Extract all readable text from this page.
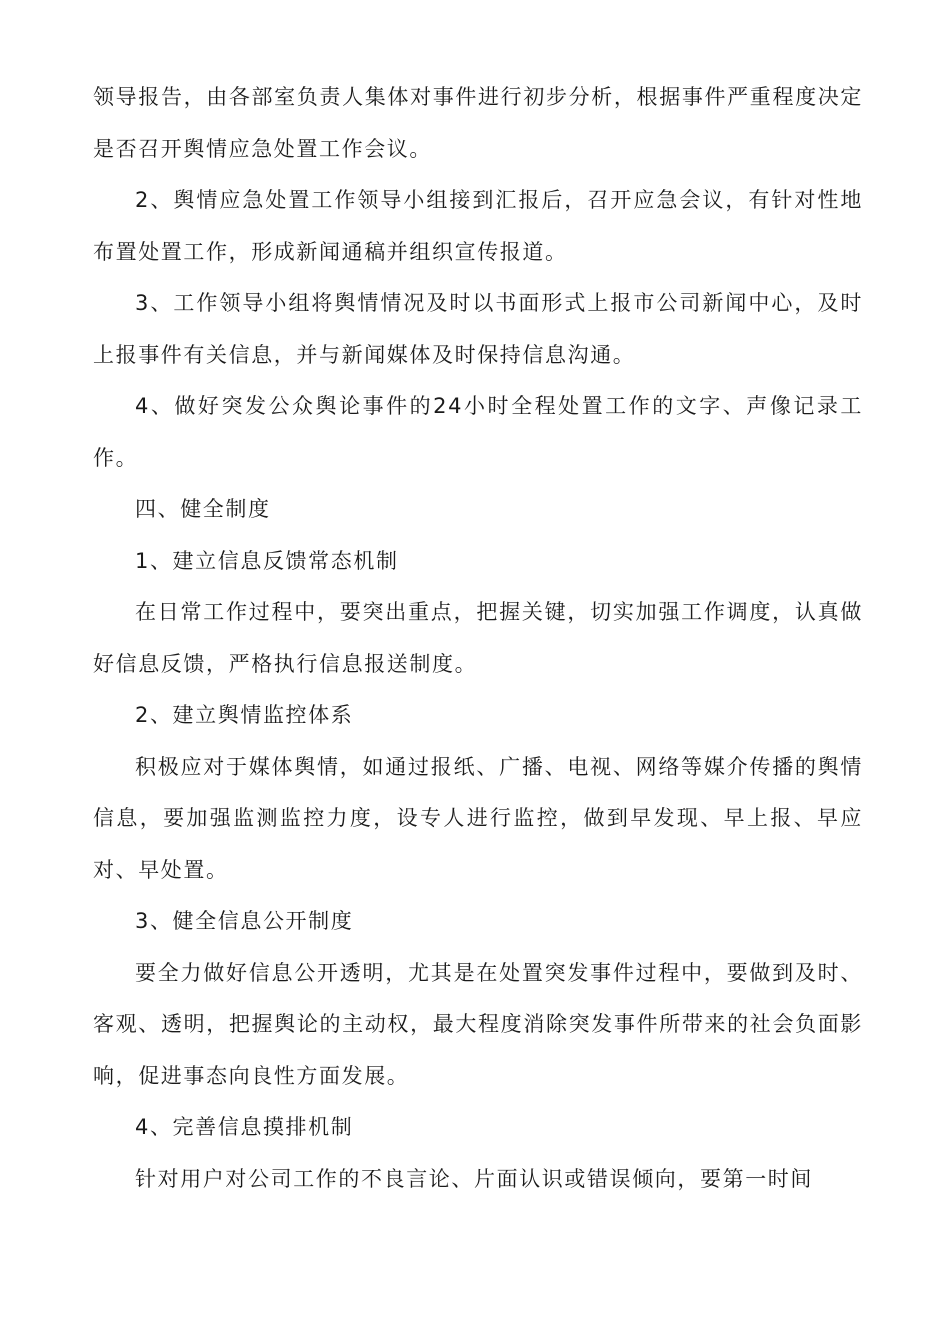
领导报告，由各部室负责人集体对事件进行初步分析，根据事件严重程度决定是否召开舆情应急处置工作会议。

2、舆情应急处置工作领导小组接到汇报后，召开应急会议，有针对性地布置处置工作，形成新闻通稿并组织宣传报道。

3、工作领导小组将舆情情况及时以书面形式上报市公司新闻中心，及时上报事件有关信息，并与新闻媒体及时保持信息沟通。

4、做好突发公众舆论事件的24小时全程处置工作的文字、声像记录工作。

四、健全制度

1、建立信息反馈常态机制

在日常工作过程中，要突出重点，把握关键，切实加强工作调度，认真做好信息反馈，严格执行信息报送制度。

2、建立舆情监控体系

积极应对于媒体舆情，如通过报纸、广播、电视、网络等媒介传播的舆情信息，要加强监测监控力度，设专人进行监控，做到早发现、早上报、早应对、早处置。

3、健全信息公开制度

要全力做好信息公开透明，尤其是在处置突发事件过程中，要做到及时、客观、透明，把握舆论的主动权，最大程度消除突发事件所带来的社会负面影响，促进事态向良性方面发展。

4、完善信息摸排机制

针对用户对公司工作的不良言论、片面认识或错误倾向，要第一时间
